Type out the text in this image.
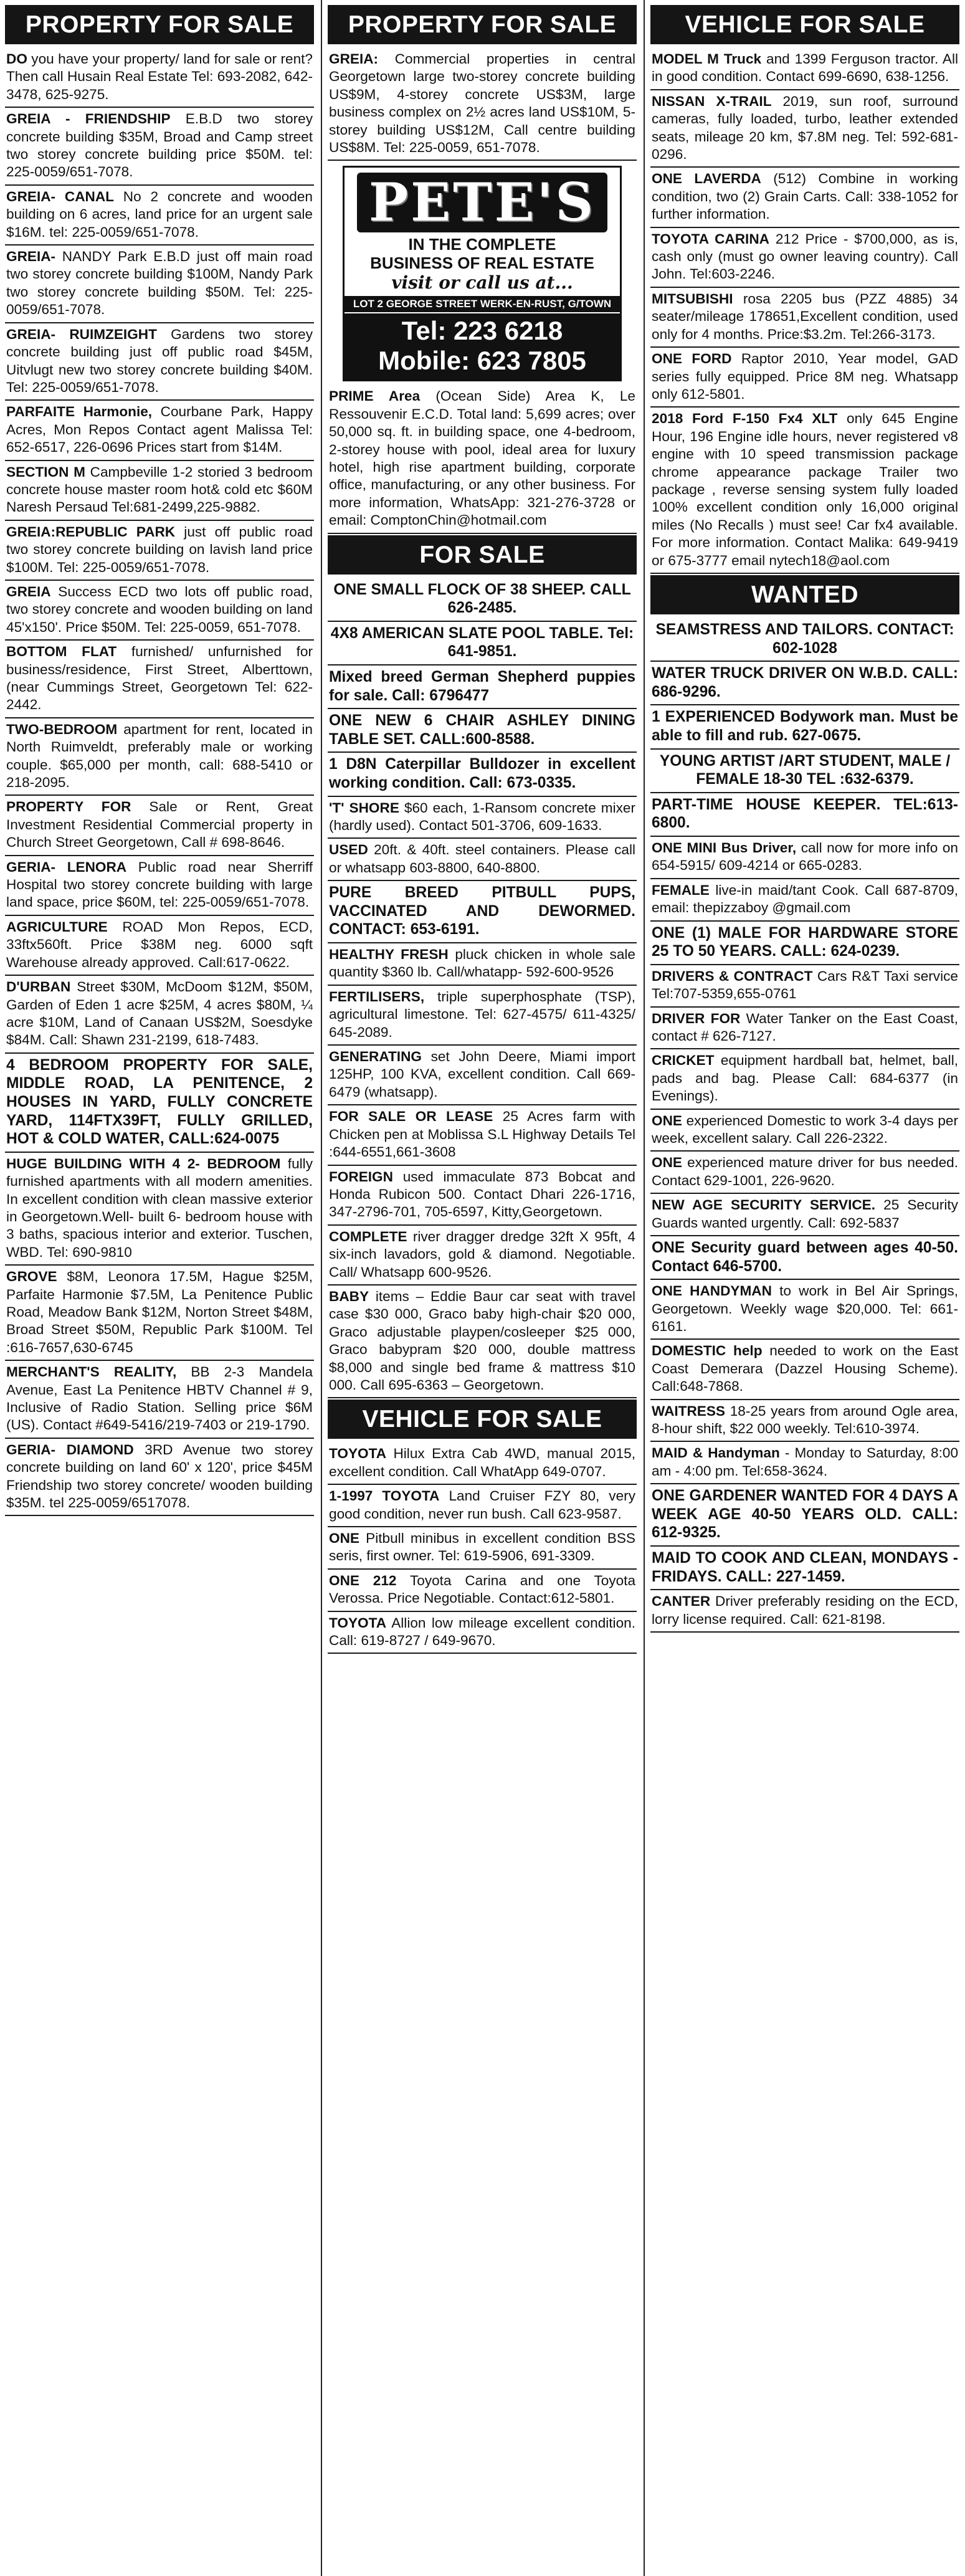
PROPERTY FOR SALE
DO you have your property/ land for sale or rent? Then call Husain Real Estate Tel: 693-2082, 642-3478, 625-9275.
GREIA - FRIENDSHIP E.B.D two storey concrete building $35M, Broad and Camp street two storey concrete building price $50M. tel: 225-0059/651-7078.
GREIA- CANAL No 2 concrete and wooden building on 6 acres, land price for an urgent sale $16M. tel: 225-0059/651-7078.
GREIA- NANDY Park E.B.D just off main road two storey concrete building $100M, Nandy Park two storey concrete building $50M. Tel: 225-0059/651-7078.
GREIA- RUIMZEIGHT Gardens two storey concrete building just off public road $45M, Uitvlugt new two storey concrete building $40M. Tel: 225-0059/651-7078.
PARFAITE Harmonie, Courbane Park, Happy Acres, Mon Repos Contact agent Malissa Tel: 652-6517, 226-0696 Prices start from $14M.
SECTION M Campbeville 1-2 storied 3 bedroom concrete house master room hot& cold etc $60M Naresh Persaud Tel:681-2499,225-9882.
GREIA:REPUBLIC PARK just off public road two storey concrete building on lavish land price $100M. Tel: 225-0059/651-7078.
GREIA Success ECD two lots off public road, two storey concrete and wooden building on land 45'x150'. Price $50M. Tel: 225-0059, 651-7078.
BOTTOM FLAT furnished/ unfurnished for business/residence, First Street, Alberttown, (near Cummings Street, Georgetown Tel: 622-2442.
TWO-BEDROOM apartment for rent, located in North Ruimveldt, preferably male or working couple. $65,000 per month, call: 688-5410 or 218-2095.
PROPERTY FOR Sale or Rent, Great Investment Residential Commercial property in Church Street Georgetown, Call # 698-8646.
GERIA- LENORA Public road near Sherriff Hospital two storey concrete building with large land space, price $60M, tel: 225-0059/651-7078.
AGRICULTURE ROAD Mon Repos, ECD, 33ftx560ft. Price $38M neg. 6000 sqft Warehouse already approved. Call:617-0622.
D'URBAN Street $30M, McDoom $12M, $50M, Garden of Eden 1 acre $25M, 4 acres $80M, ¼ acre $10M, Land of Canaan US$2M, Soesdyke $84M. Call: Shawn 231-2199, 618-7483.
4 BEDROOM PROPERTY FOR SALE, MIDDLE ROAD, LA PENITENCE, 2 HOUSES IN YARD, FULLY CONCRETE YARD, 114FTX39FT, FULLY GRILLED, HOT & COLD WATER, CALL:624-0075
HUGE BUILDING WITH 4 2- BEDROOM fully furnished apartments with all modern amenities. In excellent condition with clean massive exterior in Georgetown.Well- built 6- bedroom house with 3 baths, spacious interior and exterior. Tuschen, WBD. Tel: 690-9810
GROVE $8M, Leonora 17.5M, Hague $25M, Parfaite Harmonie $7.5M, La Penitence Public Road, Meadow Bank $12M, Norton Street $48M, Broad Street $50M, Republic Park $100M. Tel :616-7657,630-6745
MERCHANT'S REALITY, BB 2-3 Mandela Avenue, East La Penitence HBTV Channel # 9, Inclusive of Radio Station. Selling price $6M (US). Contact #649-5416/219-7403 or 219-1790.
GERIA- DIAMOND 3RD Avenue two storey concrete building on land 60' x 120', price $45M Friendship two storey concrete/ wooden building $35M. tel 225-0059/6517078.
PROPERTY FOR SALE
GREIA: Commercial properties in central Georgetown large two-storey concrete building US$9M, 4-storey concrete US$3M, large business complex on 2½ acres land US$10M, 5-storey building US$12M, Call centre building US$8M. Tel: 225-0059, 651-7078.
PETE'S
IN THE COMPLETE
BUSINESS OF REAL ESTATE
visit or call us at...
LOT 2 GEORGE STREET WERK-EN-RUST, G/TOWN
Tel: 223 6218
Mobile: 623 7805
PRIME Area (Ocean Side) Area K, Le Ressouvenir E.C.D. Total land: 5,699 acres; over 50,000 sq. ft. in building space, one 4-bedroom, 2-storey house with pool, ideal area for luxury hotel, high rise apartment building, corporate office, manufacturing, or any other business. For more information, WhatsApp: 321-276-3728 or email: ComptonChin@hotmail.com
FOR SALE
ONE SMALL FLOCK OF 38 SHEEP. CALL 626-2485.
4X8 AMERICAN SLATE POOL TABLE. Tel: 641-9851.
Mixed breed German Shepherd puppies for sale. Call: 6796477
ONE NEW 6 CHAIR ASHLEY DINING TABLE SET. CALL:600-8588.
1 D8N Caterpillar Bulldozer in excellent working condition. Call: 673-0335.
'T' SHORE $60 each, 1-Ransom concrete mixer (hardly used). Contact 501-3706, 609-1633.
USED 20ft. & 40ft. steel containers. Please call or whatsapp 603-8800, 640-8800.
PURE BREED PITBULL PUPS, VACCINATED AND DEWORMED. CONTACT: 653-6191.
HEALTHY FRESH pluck chicken in whole sale quantity $360 lb. Call/whatapp- 592-600-9526
FERTILISERS, triple superphosphate (TSP), agricultural limestone. Tel: 627-4575/ 611-4325/ 645-2089.
GENERATING set John Deere, Miami import 125HP, 100 KVA, excellent condition. Call 669-6479 (whatsapp).
FOR SALE OR LEASE 25 Acres farm with Chicken pen at Moblissa S.L Highway Details Tel :644-6551,661-3608
FOREIGN used immaculate 873 Bobcat and Honda Rubicon 500. Contact Dhari 226-1716, 347-2796-701, 705-6597, Kitty,Georgetown.
COMPLETE river dragger dredge 32ft X 95ft, 4 six-inch lavadors, gold & diamond. Negotiable. Call/ Whatsapp 600-9526.
BABY items – Eddie Baur car seat with travel case $30 000, Graco baby high-chair $20 000, Graco adjustable playpen/cosleeper $25 000, Graco babypram $20 000, double mattress $8,000 and single bed frame & mattress $10 000. Call 695-6363 – Georgetown.
VEHICLE FOR SALE
TOYOTA Hilux Extra Cab 4WD, manual 2015, excellent condition. Call WhatApp 649-0707.
1-1997 TOYOTA Land Cruiser FZY 80, very good condition, never run bush. Call 623-9587.
ONE Pitbull minibus in excellent condition BSS seris, first owner. Tel: 619-5906, 691-3309.
ONE 212 Toyota Carina and one Toyota Verossa. Price Negotiable. Contact:612-5801.
TOYOTA Allion low mileage excellent condition. Call: 619-8727 / 649-9670.
VEHICLE FOR SALE
MODEL M Truck and 1399 Ferguson tractor. All in good condition. Contact 699-6690, 638-1256.
NISSAN X-TRAIL 2019, sun roof, surround cameras, fully loaded, turbo, leather extended seats, mileage 20 km, $7.8M neg. Tel: 592-681-0296.
ONE LAVERDA (512) Combine in working condition, two (2) Grain Carts. Call: 338-1052 for further information.
TOYOTA CARINA 212 Price - $700,000, as is, cash only (must go owner leaving country). Call John. Tel:603-2246.
MITSUBISHI rosa 2205 bus (PZZ 4885) 34 seater/mileage 178651,Excellent condition, used only for 4 months. Price:$3.2m. Tel:266-3173.
ONE FORD Raptor 2010, Year model, GAD series fully equipped. Price 8M neg. Whatsapp only 612-5801.
2018 Ford F-150 Fx4 XLT only 645 Engine Hour, 196 Engine idle hours, never registered v8 engine with 10 speed transmission package chrome appearance package Trailer two package , reverse sensing system fully loaded 100% excellent condition only 16,000 original miles (No Recalls ) must see! Car fx4 available. For more information. Contact Malika: 649-9419 or 675-3777 email nytech18@aol.com
WANTED
SEAMSTRESS AND TAILORS. CONTACT: 602-1028
WATER TRUCK DRIVER ON W.B.D. CALL: 686-9296.
1 EXPERIENCED Bodywork man. Must be able to fill and rub. 627-0675.
YOUNG ARTIST /ART STUDENT, MALE / FEMALE 18-30 TEL :632-6379.
PART-TIME HOUSE KEEPER. TEL:613-6800.
ONE MINI Bus Driver, call now for more info on 654-5915/ 609-4214 or 665-0283.
FEMALE live-in maid/tant Cook. Call 687-8709, email: thepizzaboy @gmail.com
ONE (1) MALE FOR HARDWARE STORE 25 TO 50 YEARS. CALL: 624-0239.
DRIVERS & CONTRACT Cars R&T Taxi service Tel:707-5359,655-0761
DRIVER FOR Water Tanker on the East Coast, contact # 626-7127.
CRICKET equipment hardball bat, helmet, ball, pads and bag. Please Call: 684-6377 (in Evenings).
ONE experienced Domestic to work 3-4 days per week, excellent salary. Call 226-2322.
ONE experienced mature driver for bus needed. Contact 629-1001, 226-9620.
NEW AGE SECURITY SERVICE. 25 Security Guards wanted urgently. Call: 692-5837
ONE Security guard between ages 40-50. Contact 646-5700.
ONE HANDYMAN to work in Bel Air Springs, Georgetown. Weekly wage $20,000. Tel: 661-6161.
DOMESTIC help needed to work on the East Coast Demerara (Dazzel Housing Scheme). Call:648-7868.
WAITRESS 18-25 years from around Ogle area, 8-hour shift, $22 000 weekly. Tel:610-3974.
MAID & Handyman - Monday to Saturday, 8:00 am - 4:00 pm. Tel:658-3624.
ONE GARDENER WANTED FOR 4 DAYS A WEEK AGE 40-50 YEARS OLD. CALL: 612-9325.
MAID TO COOK AND CLEAN, MONDAYS - FRIDAYS. CALL: 227-1459.
CANTER Driver preferably residing on the ECD, lorry license required. Call: 621-8198.
